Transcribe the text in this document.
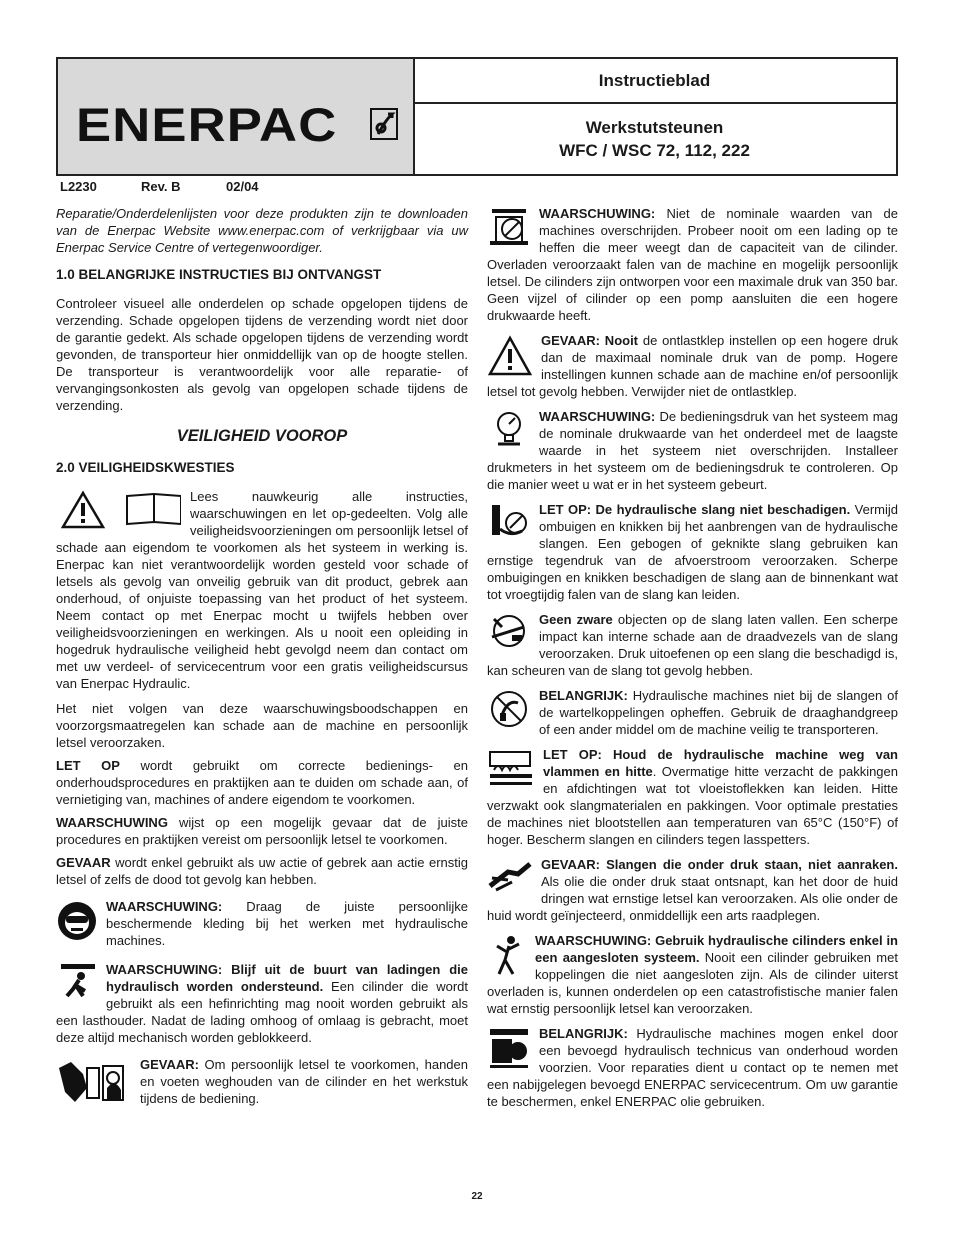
ENERPAC
Instructieblad
Werkstutsteunen
WFC / WSC 72, 112, 222
L2230	Rev. B	02/04

Reparatie/Onderdelenlijsten voor deze produkten zijn te downloaden van de Enerpac Website www.enerpac.com of verkrijgbaar via uw Enerpac Service Centre of vertegenwoordiger.

1.0 BELANGRIJKE INSTRUCTIES BIJ ONTVANGST

Controleer visueel alle onderdelen op schade opgelopen tijdens de verzending. Schade opgelopen tijdens de verzending wordt niet door de garantie gedekt. Als schade opgelopen tijdens de verzending wordt gevonden, de transporteur hier onmiddellijk van op de hoogte stellen. De transporteur is verantwoordelijk voor alle reparatie- of vervangingsonkosten als gevolg van opgelopen schade tijdens de verzending.

VEILIGHEID VOOROP
2.0 VEILIGHEIDSKWESTIES

Lees nauwkeurig alle instructies, waarschuwingen en let op-gedeelten. Volg alle veiligheidsvoorzieningen om persoonlijk letsel of schade aan eigendom te voorkomen als het systeem in werking is. Enerpac kan niet verantwoordelijk worden gesteld voor schade of letsels als gevolg van onveilig gebruik van dit product, gebrek aan onderhoud, of onjuiste toepassing van het product of het systeem. Neem contact op met Enerpac mocht u twijfels hebben over veiligheidsvoorzieningen en werkingen. Als u nooit een opleiding in hogedruk hydraulische veiligheid hebt gevolgd neem dan contact om met uw verdeel- of servicecentrum voor een gratis veiligheidscursus van Enerpac Hydraulic.

Het niet volgen van deze waarschuwingsboodschappen en voorzorgsmaatregelen kan schade aan de machine en persoonlijk letsel veroorzaken.

LET OP wordt gebruikt om correcte bedienings- en onderhoudsprocedures en praktijken aan te duiden om schade aan, of vernietiging van, machines of andere eigendom te voorkomen.

WAARSCHUWING wijst op een mogelijk gevaar dat de juiste procedures en praktijken vereist om persoonlijk letsel te voorkomen.

GEVAAR wordt enkel gebruikt als uw actie of gebrek aan actie ernstig letsel of zelfs de dood tot gevolg kan hebben.

WAARSCHUWING: Draag de juiste persoonlijke beschermende kleding bij het werken met hydraulische machines.

WAARSCHUWING: Blijf uit de buurt van ladingen die hydraulisch worden ondersteund. Een cilinder die wordt gebruikt als een hefinrichting mag nooit worden gebruikt als een lasthouder. Nadat de lading omhoog of omlaag is gebracht, moet deze altijd mechanisch worden geblokkeerd.

GEVAAR: Om persoonlijk letsel te voorkomen, handen en voeten weghouden van de cilinder en het werkstuk tijdens de bediening.

WAARSCHUWING: Niet de nominale waarden van de machines overschrijden. Probeer nooit om een lading op te heffen die meer weegt dan de capaciteit van de cilinder. Overladen veroorzaakt falen van de machine en mogelijk persoonlijk letsel. De cilinders zijn ontworpen voor een maximale druk van 350 bar. Geen vijzel of cilinder op een pomp aansluiten die een hogere drukwaarde heeft.

GEVAAR: Nooit de ontlastklep instellen op een hogere druk dan de maximaal nominale druk van de pomp. Hogere instellingen kunnen schade aan de machine en/of persoonlijk letsel tot gevolg hebben. Verwijder niet de ontlastklep.

WAARSCHUWING: De bedieningsdruk van het systeem mag de nominale drukwaarde van het onderdeel met de laagste waarde in het systeem niet overschrijden. Installeer drukmeters in het systeem om de bedieningsdruk te controleren. Op die manier weet u wat er in het systeem gebeurt.

LET OP: De hydraulische slang niet beschadigen. Vermijd ombuigen en knikken bij het aanbrengen van de hydraulische slangen. Een gebogen of geknikte slang gebruiken kan ernstige tegendruk van de afvoerstroom veroorzaken. Scherpe ombuigingen en knikken beschadigen de slang aan de binnenkant wat tot vroegtijdig falen van de slang kan leiden.

Geen zware objecten op de slang laten vallen. Een scherpe impact kan interne schade aan de draadvezels van de slang veroorzaken. Druk uitoefenen op een slang die beschadigd is, kan scheuren van de slang tot gevolg hebben.

BELANGRIJK: Hydraulische machines niet bij de slangen of de wartelkoppelingen opheffen. Gebruik de draaghandgreep of een ander middel om de machine veilig te transporteren.

LET OP: Houd de hydraulische machine weg van vlammen en hitte. Overmatige hitte verzacht de pakkingen en afdichtingen wat tot vloeistoflekken kan leiden. Hitte verzwakt ook slangmaterialen en pakkingen. Voor optimale prestaties de machines niet blootstellen aan temperaturen van 65°C (150°F) of hoger. Bescherm slangen en cilinders tegen lasspetters.

GEVAAR: Slangen die onder druk staan, niet aanraken. Als olie die onder druk staat ontsnapt, kan het door de huid dringen wat ernstige letsel kan veroorzaken. Als olie onder de huid wordt geïnjecteerd, onmiddellijk een arts raadplegen.

WAARSCHUWING: Gebruik hydraulische cilinders enkel in een aangesloten systeem. Nooit een cilinder gebruiken met koppelingen die niet aangesloten zijn. Als de cilinder uiterst overladen is, kunnen onderdelen op een catastrofistische manier falen wat ernstig persoonlijk letsel kan veroorzaken.

BELANGRIJK: Hydraulische machines mogen enkel door een bevoegd hydraulisch technicus van onderhoud worden voorzien. Voor reparaties dient u contact op te nemen met een nabijgelegen bevoegd ENERPAC servicecentrum. Om uw garantie te beschermen, enkel ENERPAC olie gebruiken.

22
